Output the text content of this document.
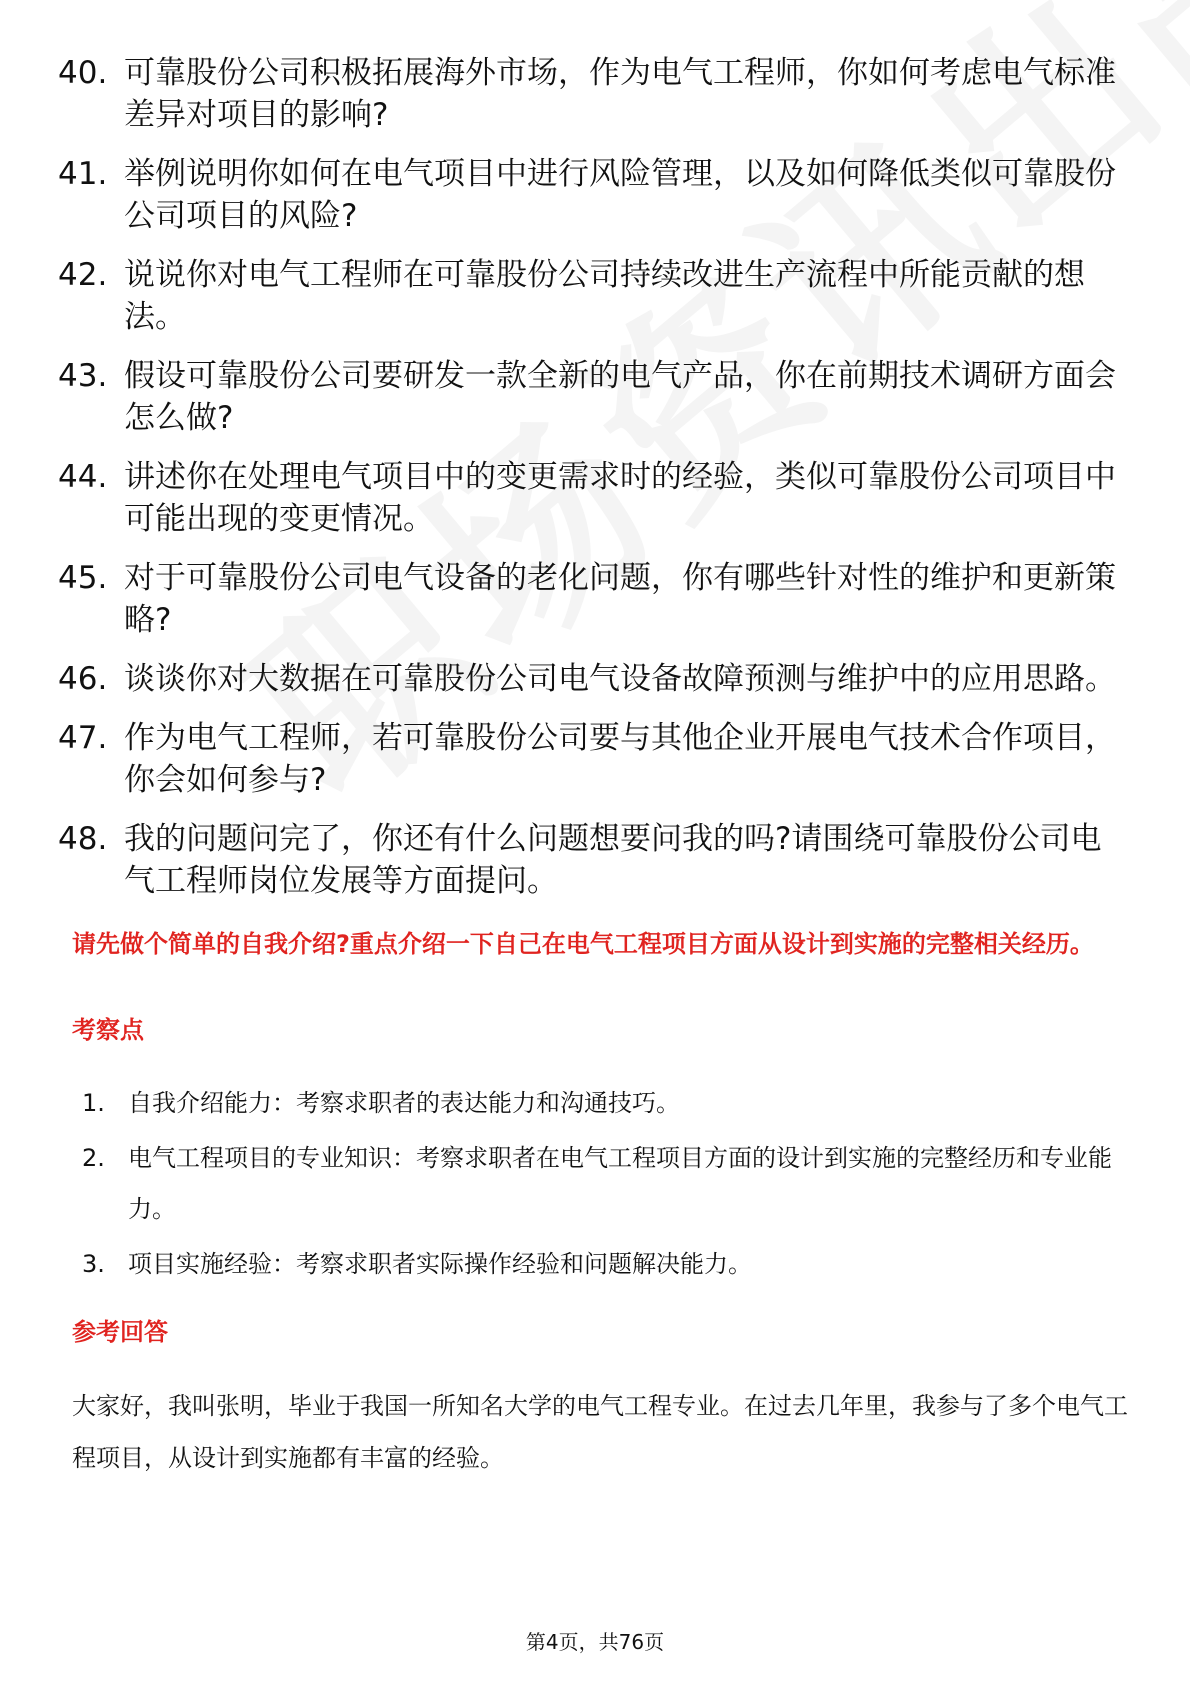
40. 可靠股份公司积极拓展海外市场，作为电气工程师，你如何考虑电气标准差异对项目的影响?
41. 举例说明你如何在电气项目中进行风险管理，以及如何降低类似可靠股份公司项目的风险?
42. 说说你对电气工程师在可靠股份公司持续改进生产流程中所能贡献的想法。
43. 假设可靠股份公司要研发一款全新的电气产品，你在前期技术调研方面会怎么做?
44. 讲述你在处理电气项目中的变更需求时的经验，类似可靠股份公司项目中可能出现的变更情况。
45. 对于可靠股份公司电气设备的老化问题，你有哪些针对性的维护和更新策略?
46. 谈谈你对大数据在可靠股份公司电气设备故障预测与维护中的应用思路。
47. 作为电气工程师，若可靠股份公司要与其他企业开展电气技术合作项目，你会如何参与?
48. 我的问题问完了，你还有什么问题想要问我的吗?请围绕可靠股份公司电气工程师岗位发展等方面提问。
请先做个简单的自我介绍?重点介绍一下自己在电气工程项目方面从设计到实施的完整相关经历。
考察点
1. 自我介绍能力：考察求职者的表达能力和沟通技巧。
2. 电气工程项目的专业知识：考察求职者在电气工程项目方面的设计到实施的完整经历和专业能力。
3. 项目实施经验：考察求职者实际操作经验和问题解决能力。
参考回答

大家好，我叫张明，毕业于我国一所知名大学的电气工程专业。在过去几年里，我参与了多个电气工程项目，从设计到实施都有丰富的经验。

第4页，共76页
